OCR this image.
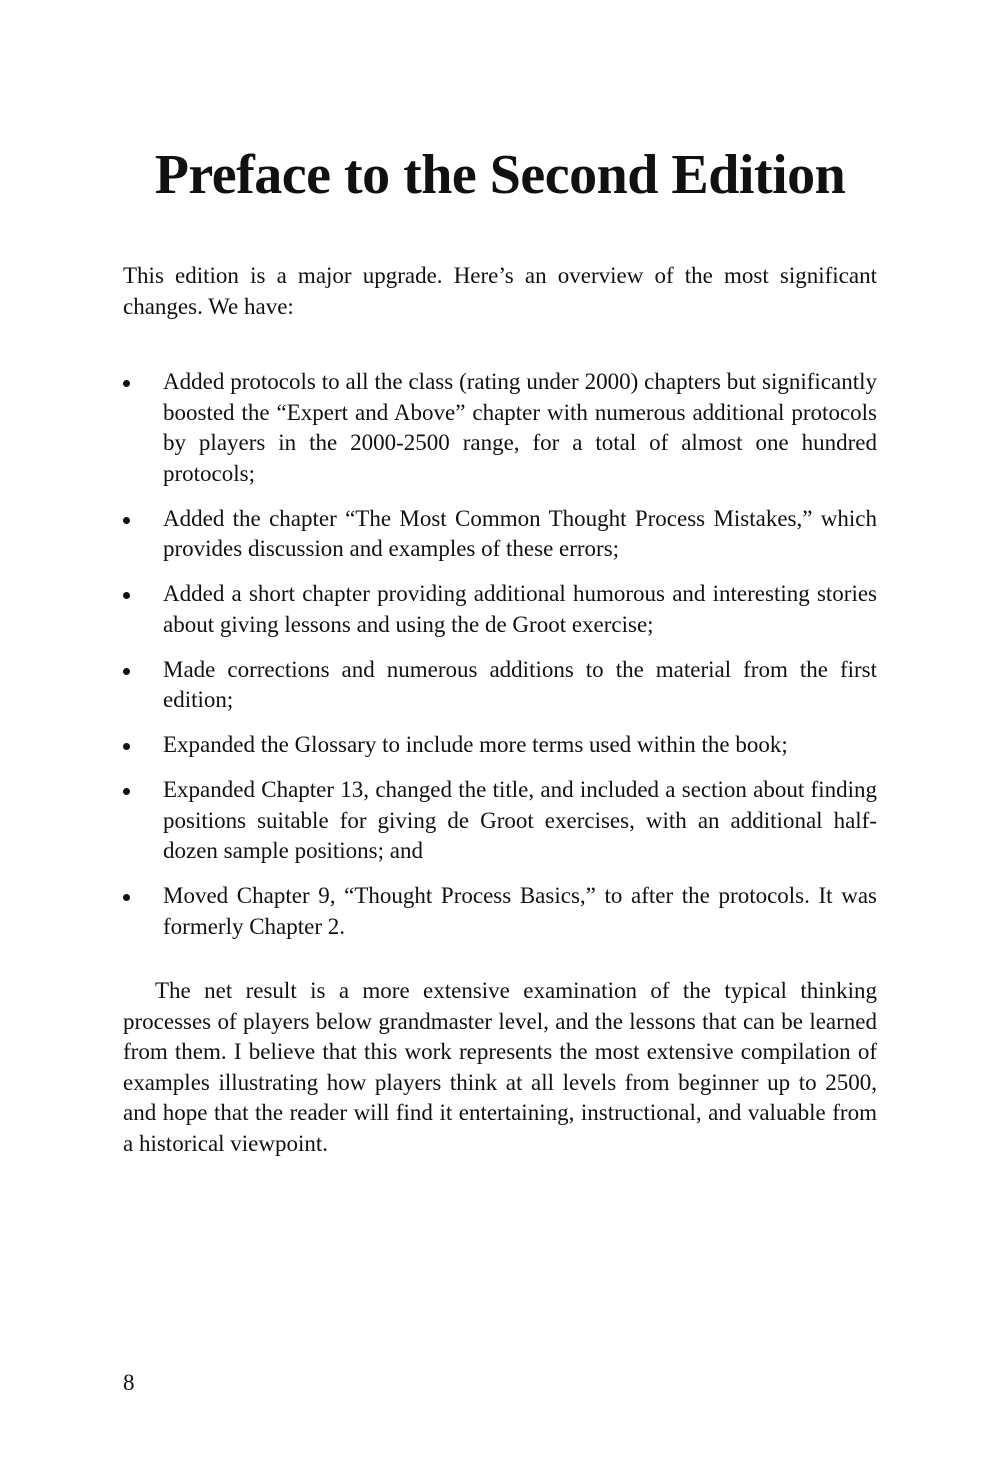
Preface to the Second Edition

This edition is a major upgrade. Here’s an overview of the most significant changes. We have:

Added protocols to all the class (rating under 2000) chapters but significantly boosted the “Expert and Above” chapter with numerous additional protocols by players in the 2000-2500 range, for a total of almost one hundred protocols;
Added the chapter “The Most Common Thought Process Mistakes,” which provides discussion and examples of these errors;
Added a short chapter providing additional humorous and interesting stories about giving lessons and using the de Groot exercise;
Made corrections and numerous additions to the material from the first edition;
Expanded the Glossary to include more terms used within the book;
Expanded Chapter 13, changed the title, and included a section about finding positions suitable for giving de Groot exercises, with an additional half-dozen sample positions; and
Moved Chapter 9, “Thought Process Basics,” to after the protocols. It was formerly Chapter 2.

The net result is a more extensive examination of the typical thinking processes of players below grandmaster level, and the lessons that can be learned from them. I believe that this work represents the most extensive compilation of examples illustrating how players think at all levels from beginner up to 2500, and hope that the reader will find it entertaining, instructional, and valuable from a historical viewpoint.

8
